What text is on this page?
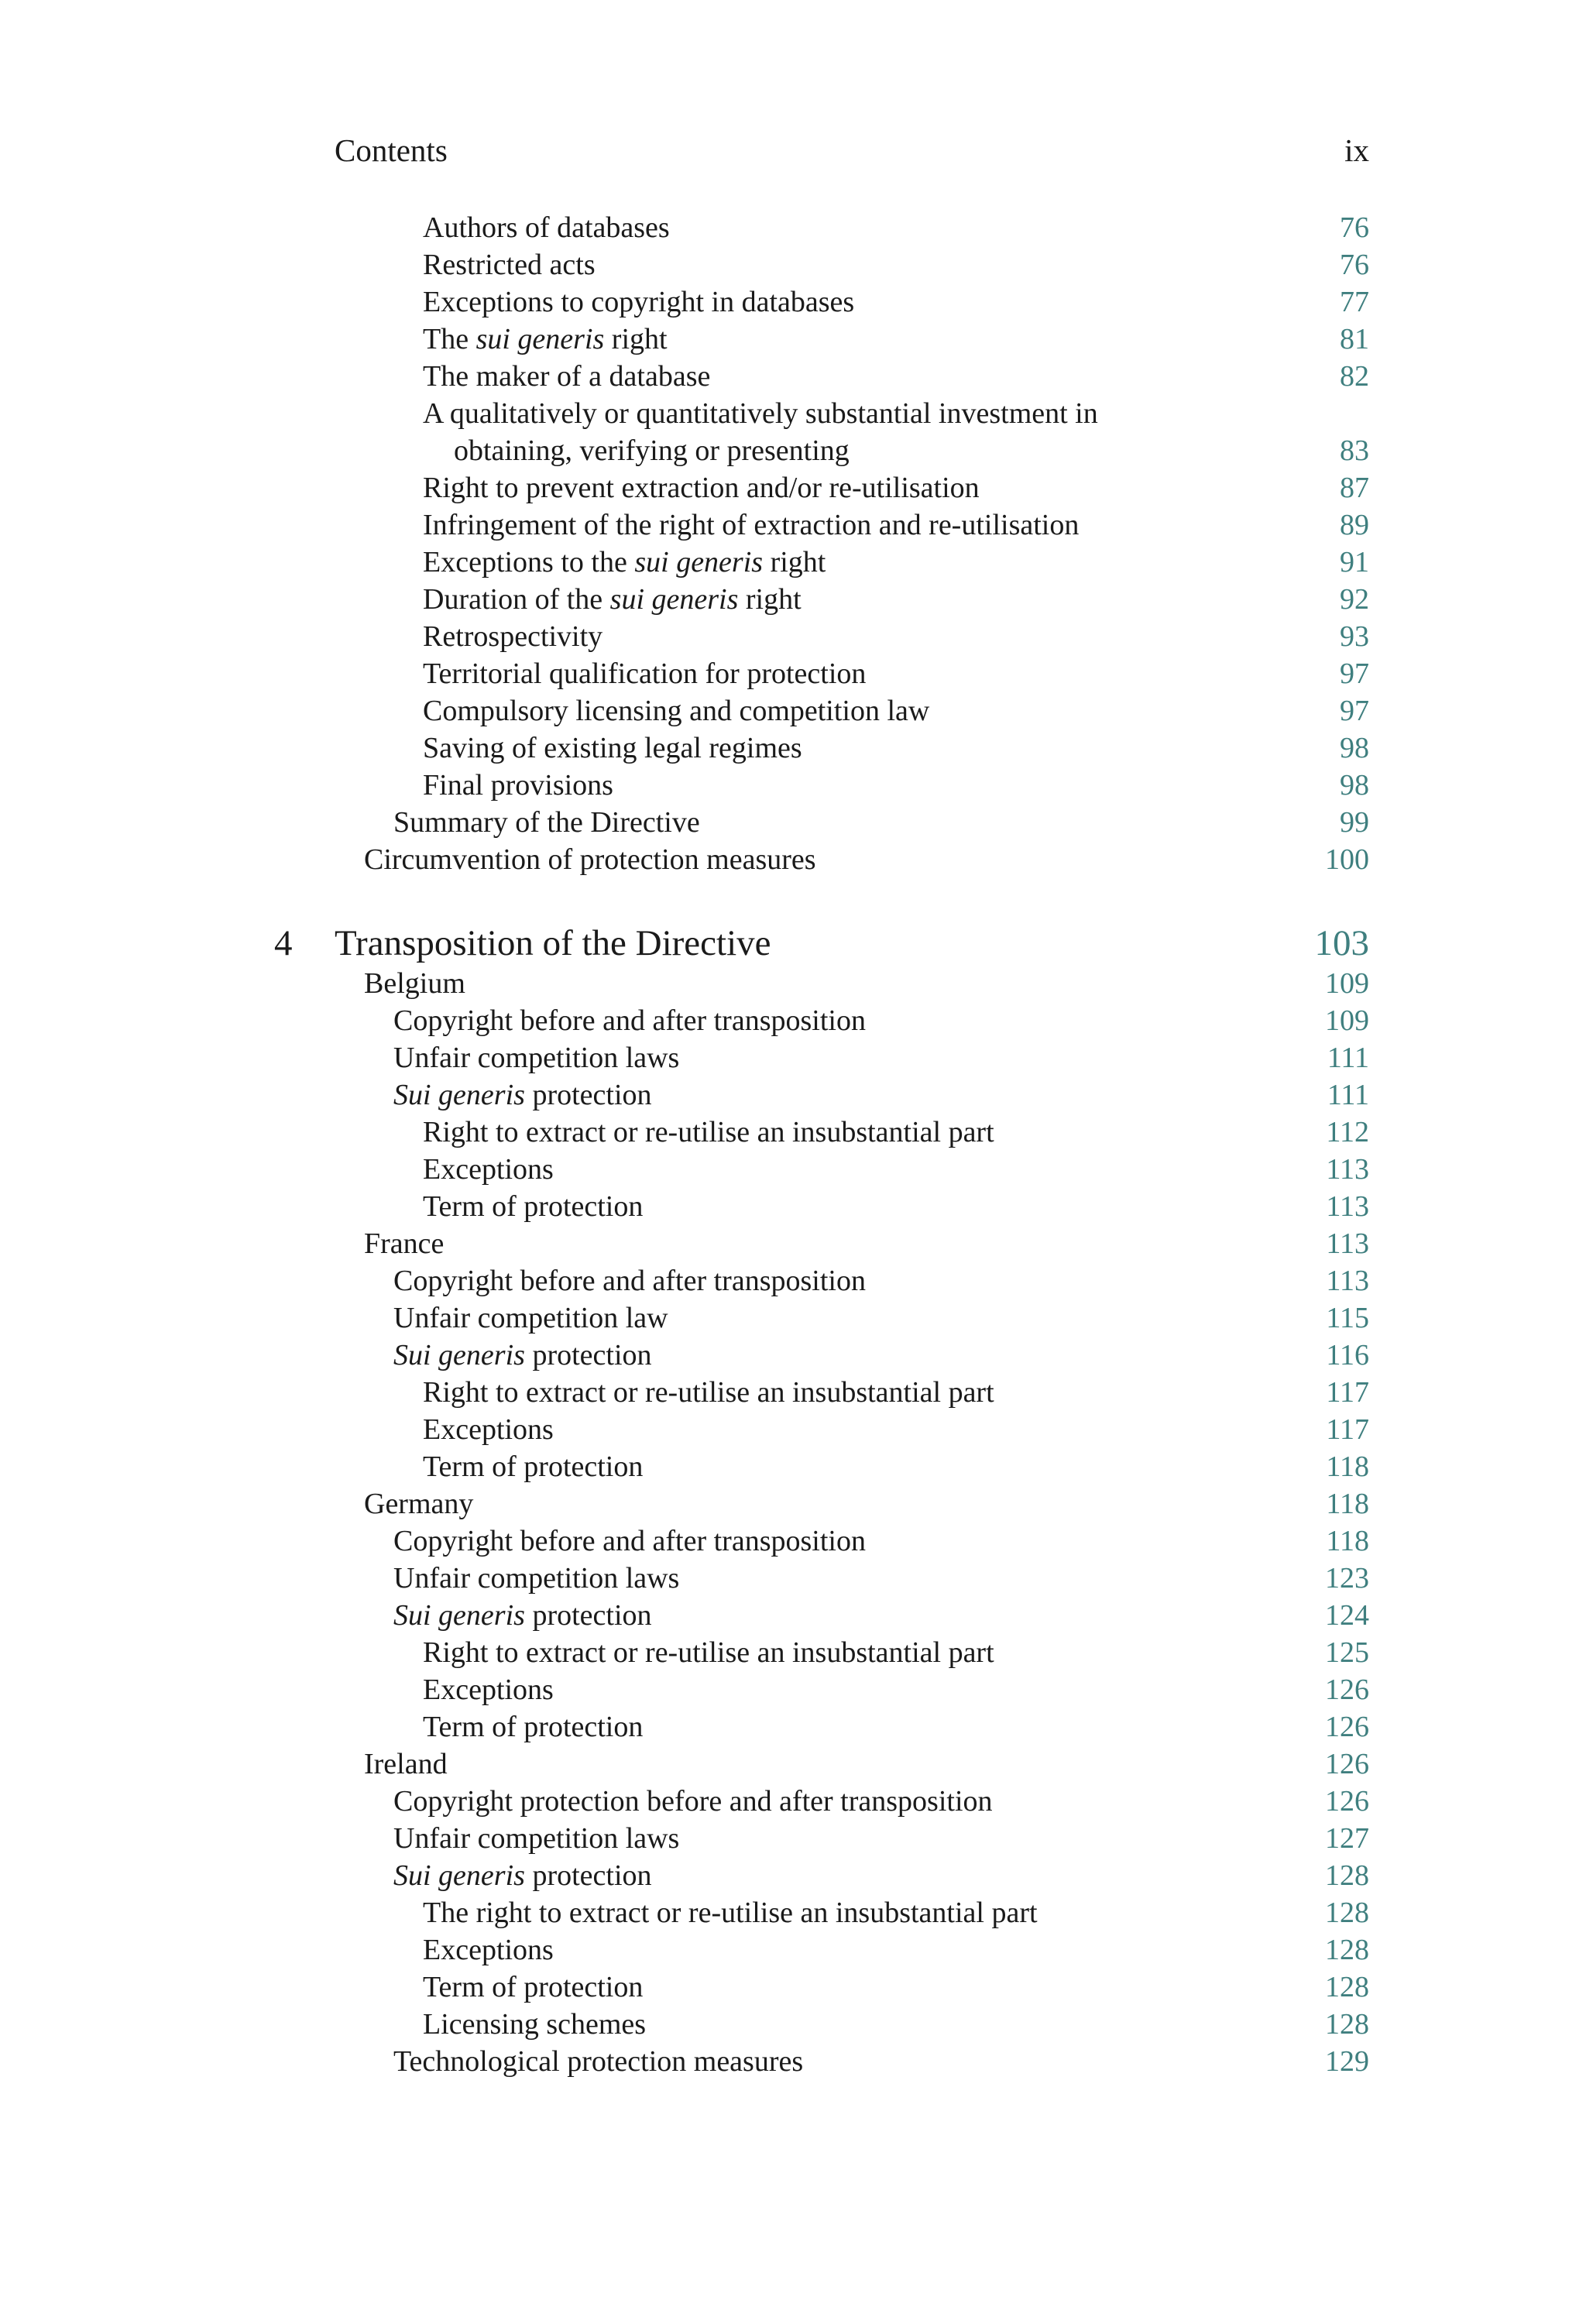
Contents	ix
Authors of databases	76
Restricted acts	76
Exceptions to copyright in databases	77
The sui generis right	81
The maker of a database	82
A qualitatively or quantitatively substantial investment in
obtaining, verifying or presenting	83
Right to prevent extraction and/or re-utilisation	87
Infringement of the right of extraction and re-utilisation	89
Exceptions to the sui generis right	91
Duration of the sui generis right	92
Retrospectivity	93
Territorial qualification for protection	97
Compulsory licensing and competition law	97
Saving of existing legal regimes	98
Final provisions	98
Summary of the Directive	99
Circumvention of protection measures	100
4 Transposition of the Directive	103
Belgium	109
Copyright before and after transposition	109
Unfair competition laws	111
Sui generis protection	111
Right to extract or re-utilise an insubstantial part	112
Exceptions	113
Term of protection	113
France	113
Copyright before and after transposition	113
Unfair competition law	115
Sui generis protection	116
Right to extract or re-utilise an insubstantial part	117
Exceptions	117
Term of protection	118
Germany	118
Copyright before and after transposition	118
Unfair competition laws	123
Sui generis protection	124
Right to extract or re-utilise an insubstantial part	125
Exceptions	126
Term of protection	126
Ireland	126
Copyright protection before and after transposition	126
Unfair competition laws	127
Sui generis protection	128
The right to extract or re-utilise an insubstantial part	128
Exceptions	128
Term of protection	128
Licensing schemes	128
Technological protection measures	129
